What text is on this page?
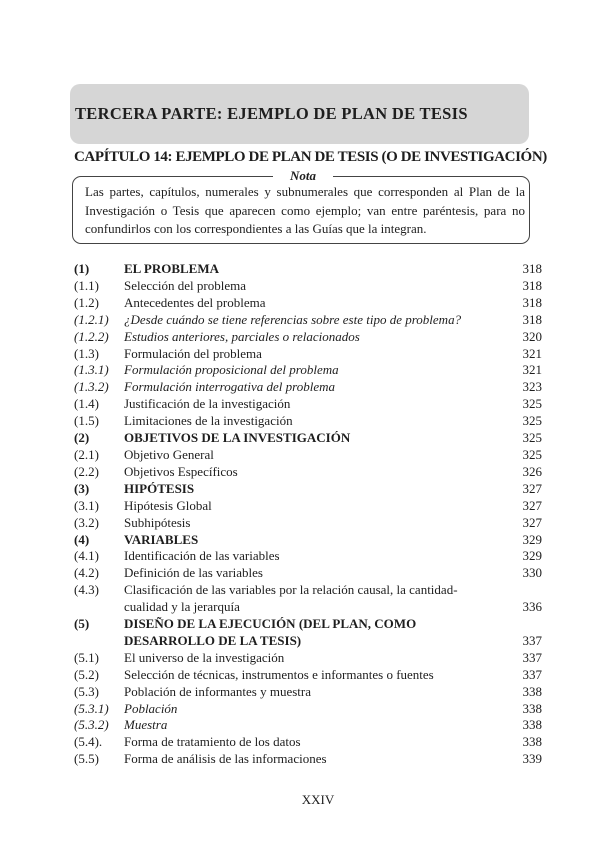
TERCERA PARTE: EJEMPLO DE PLAN DE TESIS
CAPÍTULO 14: EJEMPLO DE PLAN DE TESIS (O DE INVESTIGACIÓN)
Nota
Las partes, capítulos, numerales y subnumerales que corresponden al Plan de la Investigación o Tesis que aparecen como ejemplo; van entre paréntesis, para no confundirlos con los correspondientes a las Guías que la integran.
(1)	EL PROBLEMA	318
(1.1)	Selección del problema	318
(1.2)	Antecedentes del problema	318
(1.2.1)	¿Desde cuándo se tiene referencias sobre este tipo de problema?	318
(1.2.2)	Estudios anteriores, parciales o relacionados	320
(1.3)	Formulación del problema	321
(1.3.1)	Formulación proposicional del problema	321
(1.3.2)	Formulación interrogativa del problema	323
(1.4)	Justificación de la investigación	325
(1.5)	Limitaciones de la investigación	325
(2)	OBJETIVOS DE LA INVESTIGACIÓN	325
(2.1)	Objetivo General	325
(2.2)	Objetivos Específicos	326
(3)	HIPÓTESIS	327
(3.1)	Hipótesis Global	327
(3.2)	Subhipótesis	327
(4)	VARIABLES	329
(4.1)	Identificación de las variables	329
(4.2)	Definición de las variables	330
(4.3)	Clasificación de las variables por la relación causal, la cantidad-cualidad y la jerarquía	336
(5)	DISEÑO DE LA EJECUCIÓN (DEL PLAN, COMO DESARROLLO DE LA TESIS)	337
(5.1)	El universo de la investigación	337
(5.2)	Selección de técnicas, instrumentos e informantes o fuentes	337
(5.3)	Población de informantes y muestra	338
(5.3.1)	Población	338
(5.3.2)	Muestra	338
(5.4).	Forma de tratamiento de los datos	338
(5.5)	Forma de análisis de las informaciones	339
XXIV
